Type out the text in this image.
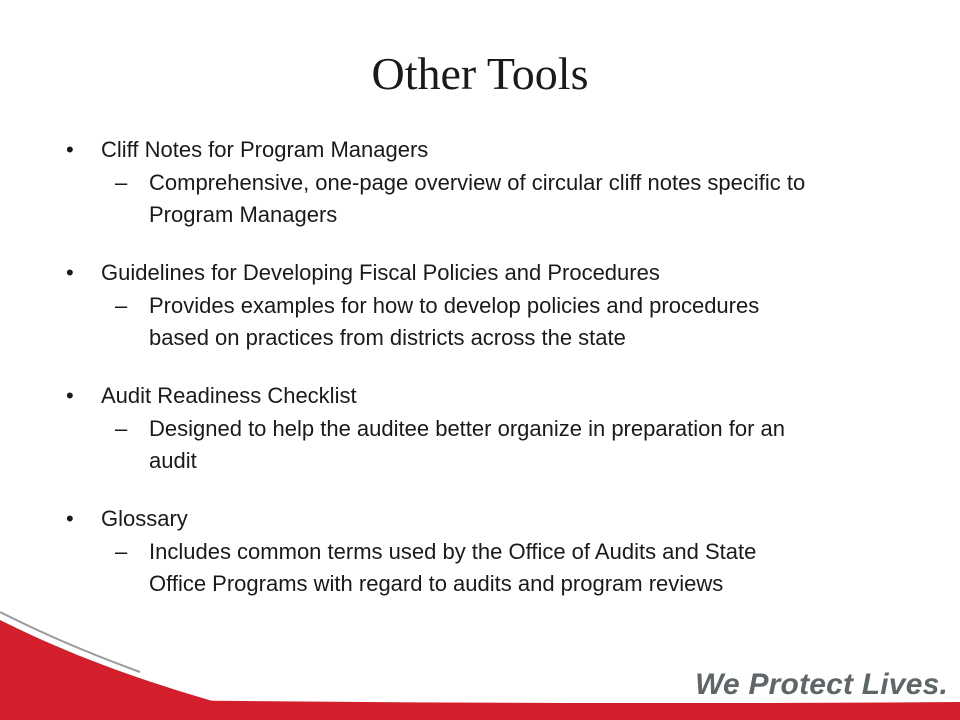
Other Tools
• Cliff Notes for Program Managers
– Comprehensive, one-page overview of circular cliff notes specific to
Program Managers
• Guidelines for Developing Fiscal Policies and Procedures
– Provides examples for how to develop policies and procedures
based on practices from districts across the state
• Audit Readiness Checklist
– Designed to help the auditee better organize in preparation for an
audit
• Glossary
– Includes common terms used by the Office of Audits and State
Office Programs with regard to audits and program reviews
We Protect Lives.
